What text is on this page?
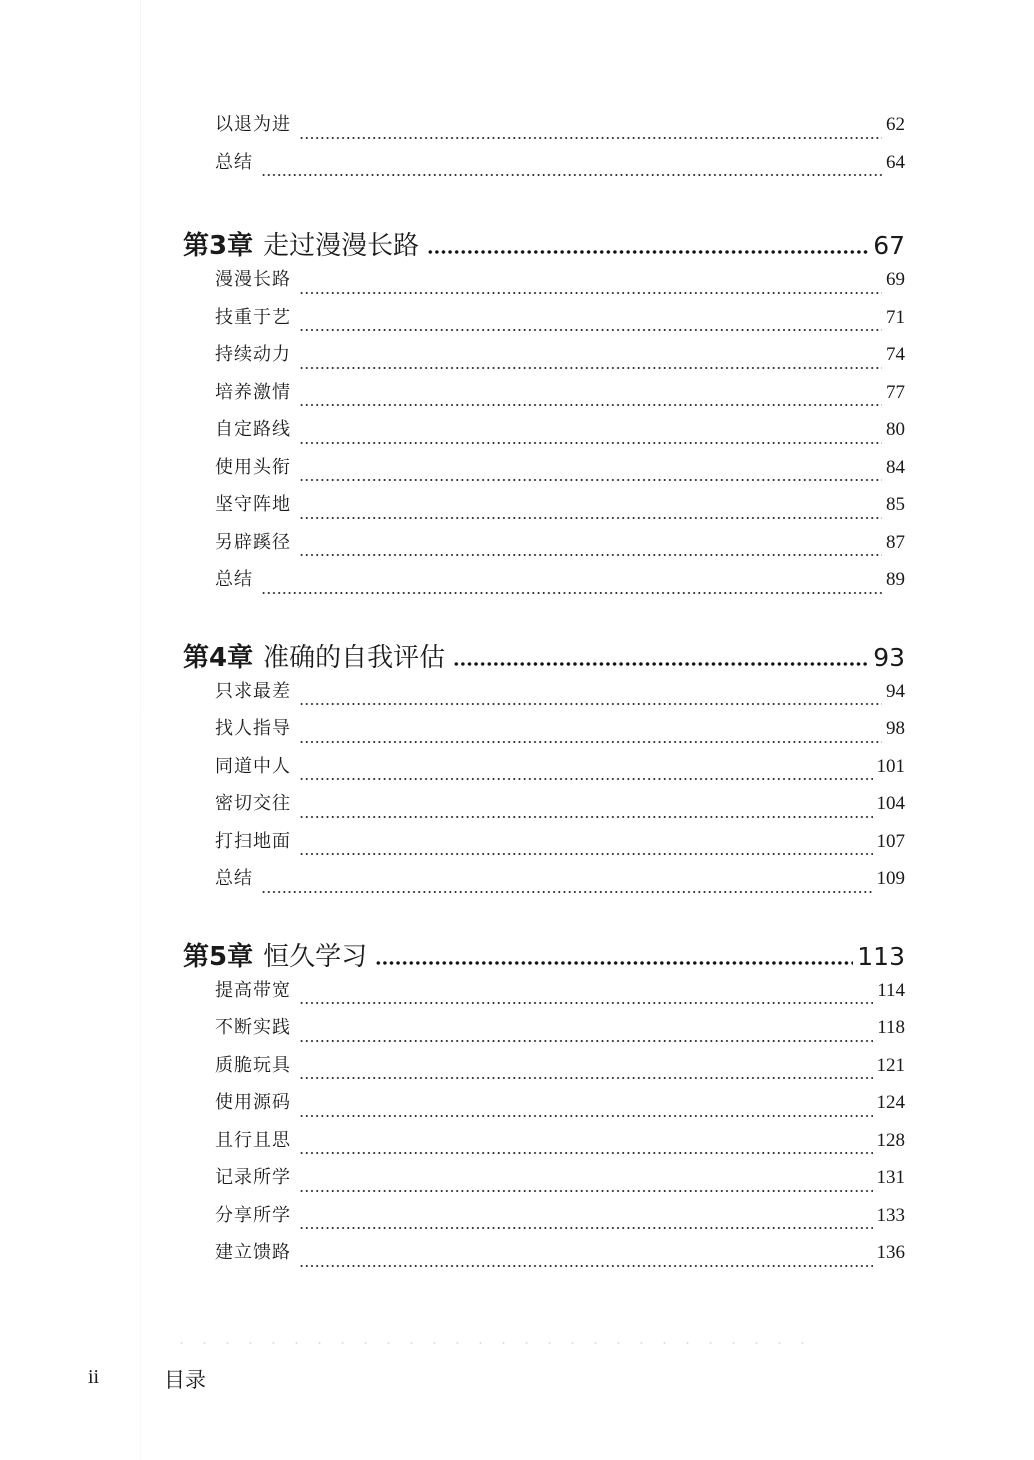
以退为进	62
总结	64
第3章 走过漫漫长路	67
漫漫长路	69
技重于艺	71
持续动力	74
培养激情	77
自定路线	80
使用头衔	84
坚守阵地	85
另辟蹊径	87
总结	89
第4章 准确的自我评估	93
只求最差	94
找人指导	98
同道中人	101
密切交往	104
打扫地面	107
总结	109
第5章 恒久学习	113
提高带宽	114
不断实践	118
质脆玩具	121
使用源码	124
且行且思	128
记录所学	131
分享所学	133
建立馈路	136
ii	目录
